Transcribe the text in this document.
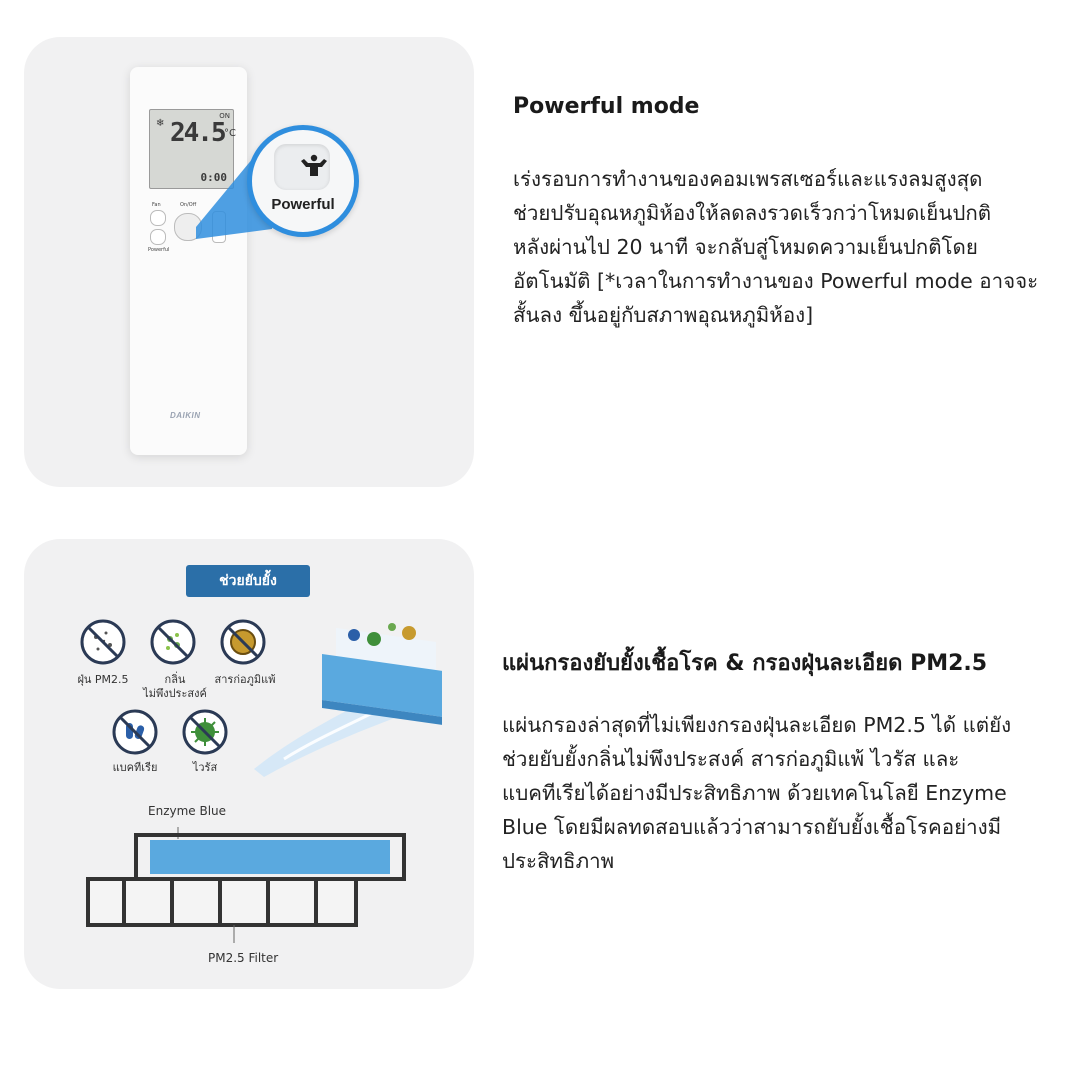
ON
❄ 24.5 °C
0:00
Fan	On/Off
Powerful
DAIKIN
Powerful
Powerful mode
เร่งรอบการทำงานของคอมเพรสเซอร์และแรงลมสูงสุด
ช่วยปรับอุณหภูมิห้องให้ลดลงรวดเร็วกว่าโหมดเย็นปกติ
หลังผ่านไป 20 นาที จะกลับสู่โหมดความเย็นปกติโดย
อัตโนมัติ [*เวลาในการทำงานของ Powerful mode อาจจะ
สั้นลง ขึ้นอยู่กับสภาพอุณหภูมิห้อง]
ช่วยยับยั้ง
ฝุ่น PM2.5	กลิ่น
ไม่พึงประสงค์
สารก่อภูมิแพ้
แบคทีเรีย	ไวรัส
Enzyme Blue
PM2.5 Filter
แผ่นกรองยับยั้งเชื้อโรค & กรองฝุ่นละเอียด PM2.5
แผ่นกรองล่าสุดที่ไม่เพียงกรองฝุ่นละเอียด PM2.5 ได้ แต่ยัง
ช่วยยับยั้งกลิ่นไม่พึงประสงค์ สารก่อภูมิแพ้ ไวรัส และ
แบคทีเรียได้อย่างมีประสิทธิภาพ ด้วยเทคโนโลยี Enzyme
Blue โดยมีผลทดสอบแล้วว่าสามารถยับยั้งเชื้อโรคอย่างมี
ประสิทธิภาพ
